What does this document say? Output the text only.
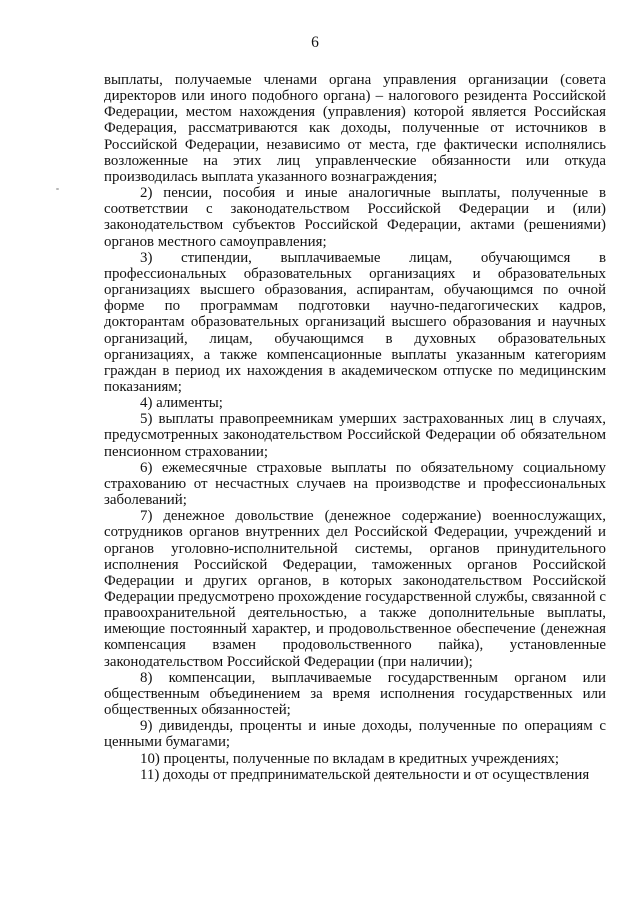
6

выплаты, получаемые членами органа управления организации (совета директоров или иного подобного органа) – налогового резидента Российской Федерации, местом нахождения (управления) которой является Российская Федерация, рассматриваются как доходы, полученные от источников в Российской Федерации, независимо от места, где фактически исполнялись возложенные на этих лиц управленческие обязанности или откуда производилась выплата указанного вознаграждения;

2) пенсии, пособия и иные аналогичные выплаты, полученные в соответствии с законодательством Российской Федерации и (или) законодательством субъектов Российской Федерации, актами (решениями) органов местного самоуправления;

3) стипендии, выплачиваемые лицам, обучающимся в профессиональных образовательных организациях и образовательных организациях высшего образования, аспирантам, обучающимся по очной форме по программам подготовки научно-педагогических кадров, докторантам образовательных организаций высшего образования и научных организаций, лицам, обучающимся в духовных образовательных организациях, а также компенсационные выплаты указанным категориям граждан в период их нахождения в академическом отпуске по медицинским показаниям;

4) алименты;

5) выплаты правопреемникам умерших застрахованных лиц в случаях, предусмотренных законодательством Российской Федерации об обязательном пенсионном страховании;

6) ежемесячные страховые выплаты по обязательному социальному страхованию от несчастных случаев на производстве и профессиональных заболеваний;

7) денежное довольствие (денежное содержание) военнослужащих, сотрудников органов внутренних дел Российской Федерации, учреждений и органов уголовно-исполнительной системы, органов принудительного исполнения Российской Федерации, таможенных органов Российской Федерации и других органов, в которых законодательством Российской Федерации предусмотрено прохождение государственной службы, связанной с правоохранительной деятельностью, а также дополнительные выплаты, имеющие постоянный характер, и продовольственное обеспечение (денежная компенсация взамен продовольственного пайка), установленные законодательством Российской Федерации (при наличии);

8) компенсации, выплачиваемые государственным органом или общественным объединением за время исполнения государственных или общественных обязанностей;

9) дивиденды, проценты и иные доходы, полученные по операциям с ценными бумагами;

10) проценты, полученные по вкладам в кредитных учреждениях;

11) доходы от предпринимательской деятельности и от осуществления
